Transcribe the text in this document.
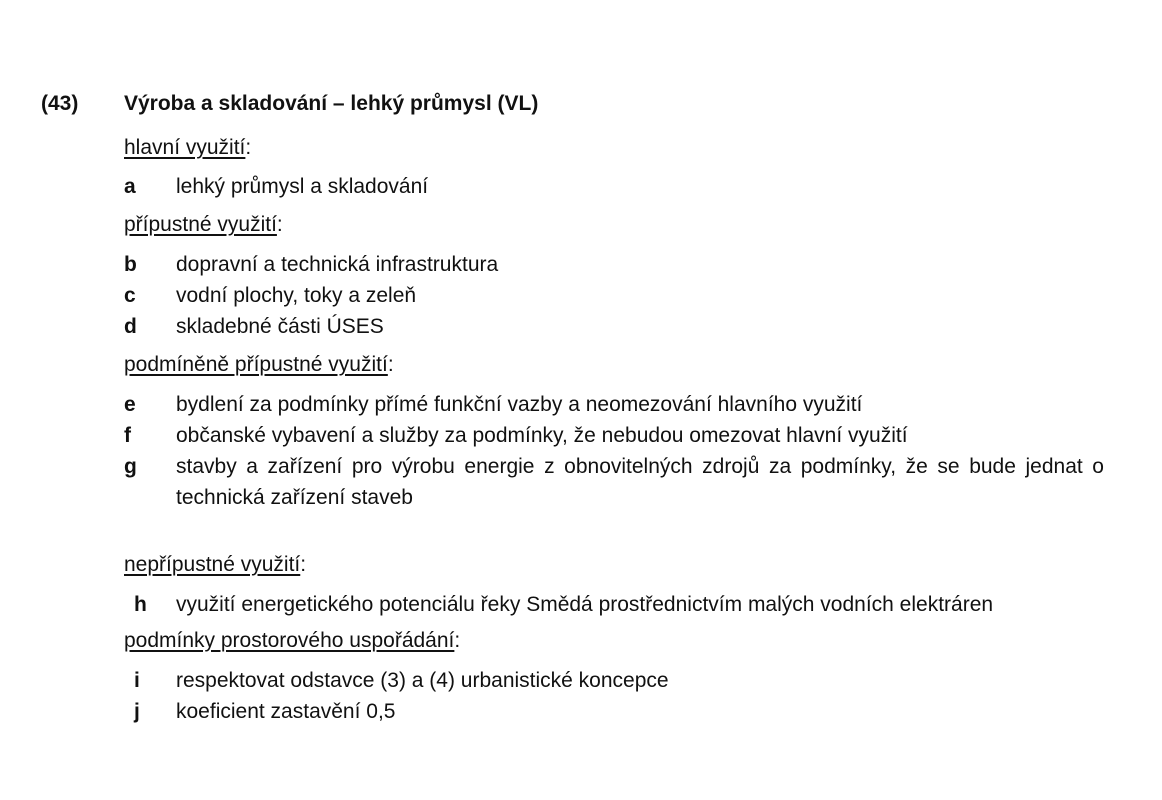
(43) Výroba a skladování – lehký průmysl (VL)
hlavní využití:
a	lehký průmysl a skladování
přípustné využití:
b	dopravní a technická infrastruktura
c	vodní plochy, toky a zeleň
d	skladebné části ÚSES
podmíněně přípustné využití:
e	bydlení za podmínky přímé funkční vazby a neomezování hlavního využití
f	občanské vybavení a služby za podmínky, že nebudou omezovat hlavní využití
g	stavby a zařízení pro výrobu energie z obnovitelných zdrojů za podmínky, že se bude jednat o technická zařízení staveb
nepřípustné využití:
h	využití energetického potenciálu řeky Smědá prostřednictvím malých vodních elektráren
podmínky prostorového uspořádání:
i	respektovat odstavce (3) a (4) urbanistické koncepce
j	koeficient zastavění 0,5
